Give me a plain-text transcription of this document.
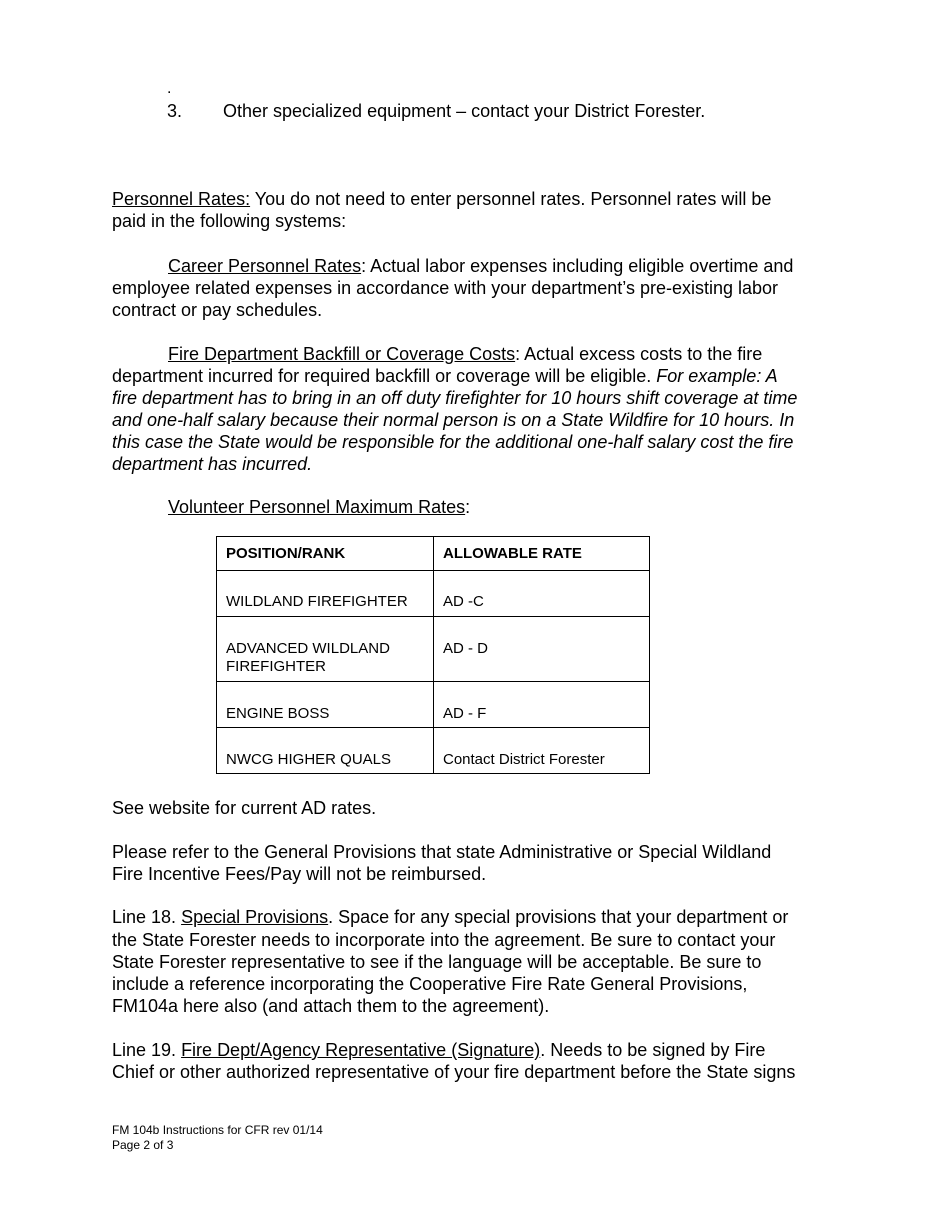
.
3. Other specialized equipment – contact your District Forester.
Personnel Rates: You do not need to enter personnel rates. Personnel rates will be
paid in the following systems:
Career Personnel Rates: Actual labor expenses including eligible overtime and
employee related expenses in accordance with your department’s pre-existing labor
contract or pay schedules.
Fire Department Backfill or Coverage Costs: Actual excess costs to the fire
department incurred for required backfill or coverage will be eligible. For example: A
fire department has to bring in an off duty firefighter for 10 hours shift coverage at time
and one-half salary because their normal person is on a State Wildfire for 10 hours. In
this case the State would be responsible for the additional one-half salary cost the fire
department has incurred.
Volunteer Personnel Maximum Rates:
POSITION/RANK	ALLOWABLE RATE

WILDLAND FIREFIGHTER	AD -C

ADVANCED WILDLAND
FIREFIGHTER	AD - D

ENGINE BOSS	AD - F

NWCG HIGHER QUALS	Contact District Forester
See website for current AD rates.
Please refer to the General Provisions that state Administrative or Special Wildland
Fire Incentive Fees/Pay will not be reimbursed.
Line 18. Special Provisions. Space for any special provisions that your department or
the State Forester needs to incorporate into the agreement. Be sure to contact your
State Forester representative to see if the language will be acceptable. Be sure to
include a reference incorporating the Cooperative Fire Rate General Provisions,
FM104a here also (and attach them to the agreement).
Line 19. Fire Dept/Agency Representative (Signature). Needs to be signed by Fire
Chief or other authorized representative of your fire department before the State signs
FM 104b Instructions for CFR rev 01/14
Page 2 of 3
